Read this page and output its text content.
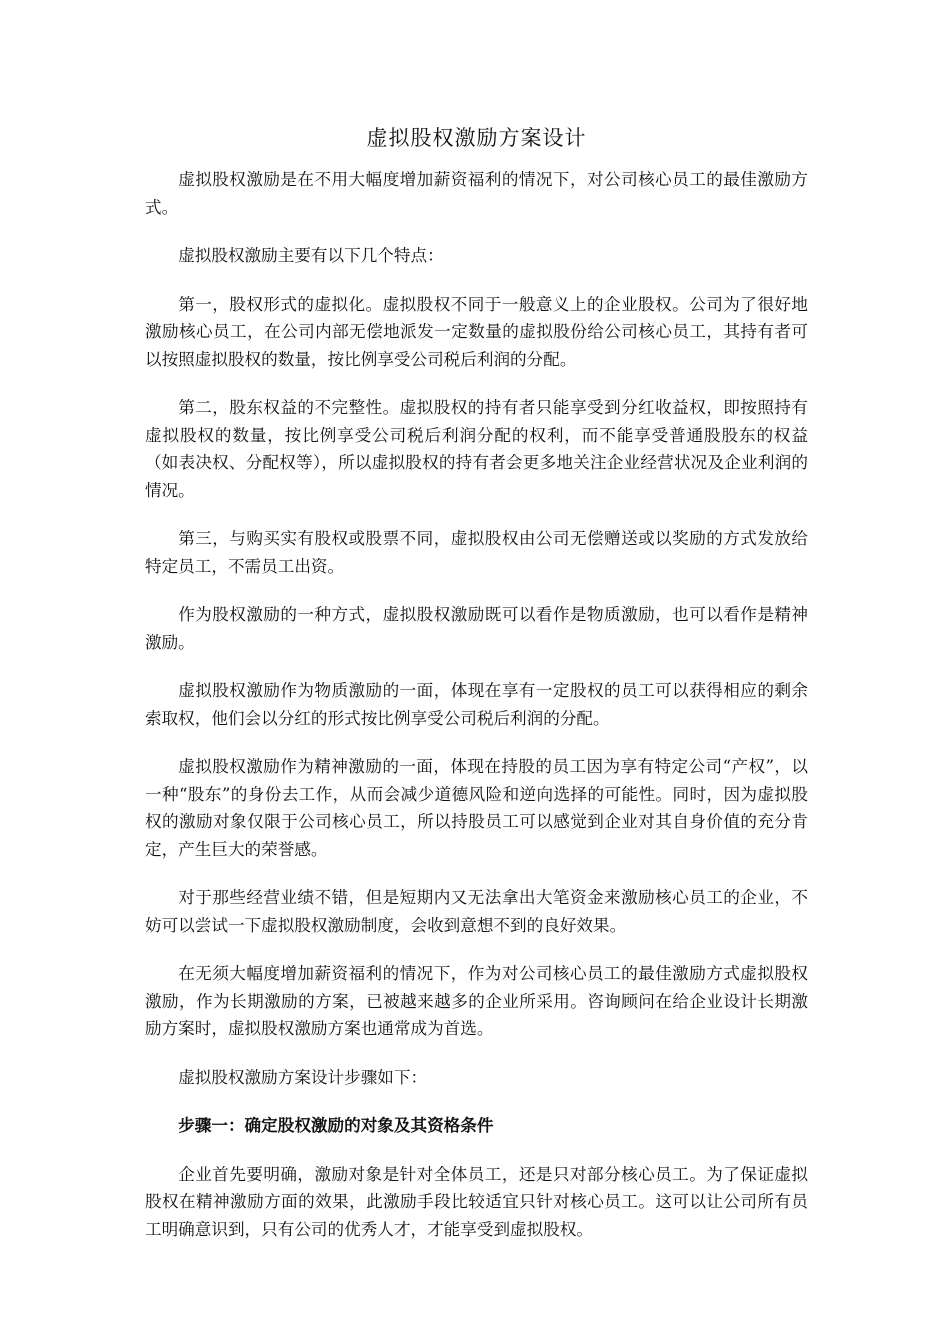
虚拟股权激励方案设计

虚拟股权激励是在不用大幅度增加薪资福利的情况下，对公司核心员工的最佳激励方式。

虚拟股权激励主要有以下几个特点：

第一，股权形式的虚拟化。虚拟股权不同于一般意义上的企业股权。公司为了很好地激励核心员工，在公司内部无偿地派发一定数量的虚拟股份给公司核心员工，其持有者可以按照虚拟股权的数量，按比例享受公司税后利润的分配。

第二，股东权益的不完整性。虚拟股权的持有者只能享受到分红收益权，即按照持有虚拟股权的数量，按比例享受公司税后利润分配的权利，而不能享受普通股股东的权益（如表决权、分配权等），所以虚拟股权的持有者会更多地关注企业经营状况及企业利润的情况。

第三，与购买实有股权或股票不同，虚拟股权由公司无偿赠送或以奖励的方式发放给特定员工，不需员工出资。

作为股权激励的一种方式，虚拟股权激励既可以看作是物质激励，也可以看作是精神激励。

虚拟股权激励作为物质激励的一面，体现在享有一定股权的员工可以获得相应的剩余索取权，他们会以分红的形式按比例享受公司税后利润的分配。

虚拟股权激励作为精神激励的一面，体现在持股的员工因为享有特定公司“产权”，以一种“股东”的身份去工作，从而会减少道德风险和逆向选择的可能性。同时，因为虚拟股权的激励对象仅限于公司核心员工，所以持股员工可以感觉到企业对其自身价值的充分肯定，产生巨大的荣誉感。

对于那些经营业绩不错，但是短期内又无法拿出大笔资金来激励核心员工的企业，不妨可以尝试一下虚拟股权激励制度，会收到意想不到的良好效果。

在无须大幅度增加薪资福利的情况下，作为对公司核心员工的最佳激励方式虚拟股权激励，作为长期激励的方案，已被越来越多的企业所采用。咨询顾问在给企业设计长期激励方案时，虚拟股权激励方案也通常成为首选。

虚拟股权激励方案设计步骤如下：

步骤一：确定股权激励的对象及其资格条件

企业首先要明确，激励对象是针对全体员工，还是只对部分核心员工。为了保证虚拟股权在精神激励方面的效果，此激励手段比较适宜只针对核心员工。这可以让公司所有员工明确意识到，只有公司的优秀人才，才能享受到虚拟股权。
